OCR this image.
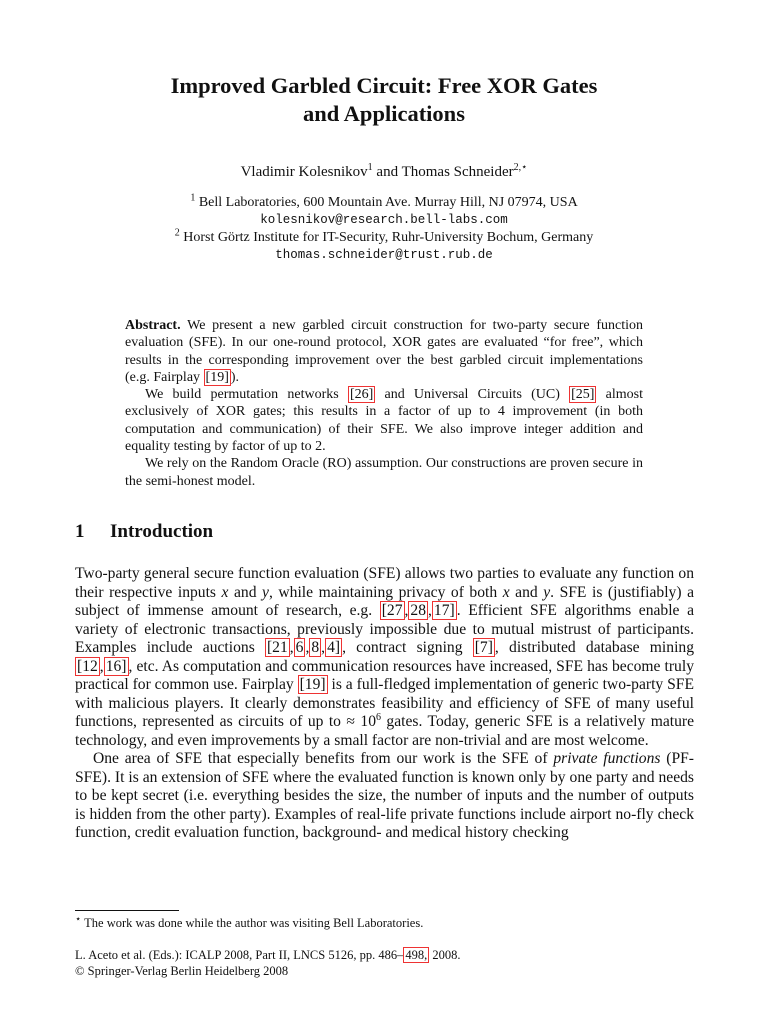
Improved Garbled Circuit: Free XOR Gates
and Applications
Vladimir Kolesnikov$^1$ and Thomas Schneider$^{2,⋆}$
$^1$ Bell Laboratories, 600 Mountain Ave. Murray Hill, NJ 07974, USA
kolesnikov@research.bell-labs.com
$^2$ Horst Görtz Institute for IT-Security, Ruhr-University Bochum, Germany
thomas.schneider@trust.rub.de

Abstract. We present a new garbled circuit construction for two-party secure function evaluation (SFE). In our one-round protocol, XOR gates are evaluated “for free”, which results in the corresponding improvement over the best garbled circuit implementations (e.g. Fairplay [19] ).

We build permutation networks [26] and Universal Circuits (UC) [25] almost exclusively of XOR gates; this results in a factor of up to 4 improvement (in both computation and communication) of their SFE. We also improve integer addition and equality testing by factor of up to 2.

We rely on the Random Oracle (RO) assumption. Our constructions are proven secure in the semi-honest model.

1 Introduction

Two-party general secure function evaluation (SFE) allows two parties to evaluate any function on their respective inputs x and y, while maintaining privacy of both x and y. SFE is (justifiably) a subject of immense amount of research, e.g. [27 , 28 , 17] . Efficient SFE algorithms enable a variety of electronic transactions, previously impossible due to mutual mistrust of participants. Examples include auctions [21 , 6 , 8 , 4] , contract signing [7] , distributed database mining [12 , 16] , etc. As computation and communication resources have increased, SFE has become truly practical for common use. Fairplay [19] is a full-fledged implementation of generic two-party SFE with malicious players. It clearly demonstrates feasibility and efficiency of SFE of many useful functions, represented as circuits of up to ≈ $10^6$ gates. Today, generic SFE is a relatively mature technology, and even improvements by a small factor are non-trivial and are most welcome.

One area of SFE that especially benefits from our work is the SFE of private functions (PF-SFE). It is an extension of SFE where the evaluated function is known only by one party and needs to be kept secret (i.e. everything besides the size, the number of inputs and the number of outputs is hidden from the other party). Examples of real-life private functions include airport no-fly check function, credit evaluation function, background- and medical history checking

⋆ The work was done while the author was visiting Bell Laboratories.
L. Aceto et al. (Eds.): ICALP 2008, Part II, LNCS 5126, pp. 486– 498, 2008.
© Springer-Verlag Berlin Heidelberg 2008
